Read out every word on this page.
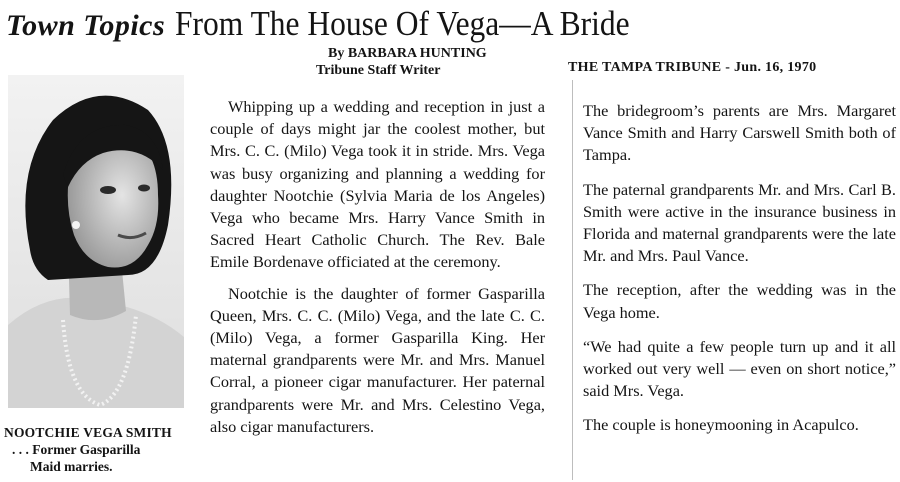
Town Topics From The House Of Vega—A Bride
By BARBARA HUNTING
Tribune Staff Writer	THE TAMPA TRIBUNE - Jun. 16, 1970
NOOTCHIE VEGA SMITH
. . . Former Gasparilla
Maid marries.

Whipping up a wedding and reception in just a couple of days might jar the coolest mother, but Mrs. C. C. (Milo) Vega took it in stride. Mrs. Vega was busy organizing and planning a wedding for daughter Nootchie (Sylvia Maria de los Angeles) Vega who became Mrs. Harry Vance Smith in Sacred Heart Catholic Church. The Rev. Bale Emile Bordenave officiated at the ceremony.

Nootchie is the daughter of former Gasparilla Queen, Mrs. C. C. (Milo) Vega, and the late C. C. (Milo) Vega, a former Gasparilla King. Her maternal grandparents were Mr. and Mrs. Manuel Corral, a pioneer cigar manufacturer. Her paternal grandparents were Mr. and Mrs. Celestino Vega, also cigar manufacturers.

The bridegroom’s parents are Mrs. Margaret Vance Smith and Harry Carswell Smith both of Tampa.

The paternal grandparents Mr. and Mrs. Carl B. Smith were active in the insurance business in Florida and maternal grandparents were the late Mr. and Mrs. Paul Vance.

The reception, after the wedding was in the Vega home.

“We had quite a few people turn up and it all worked out very well — even on short notice,” said Mrs. Vega.

The couple is honeymooning in Acapulco.
